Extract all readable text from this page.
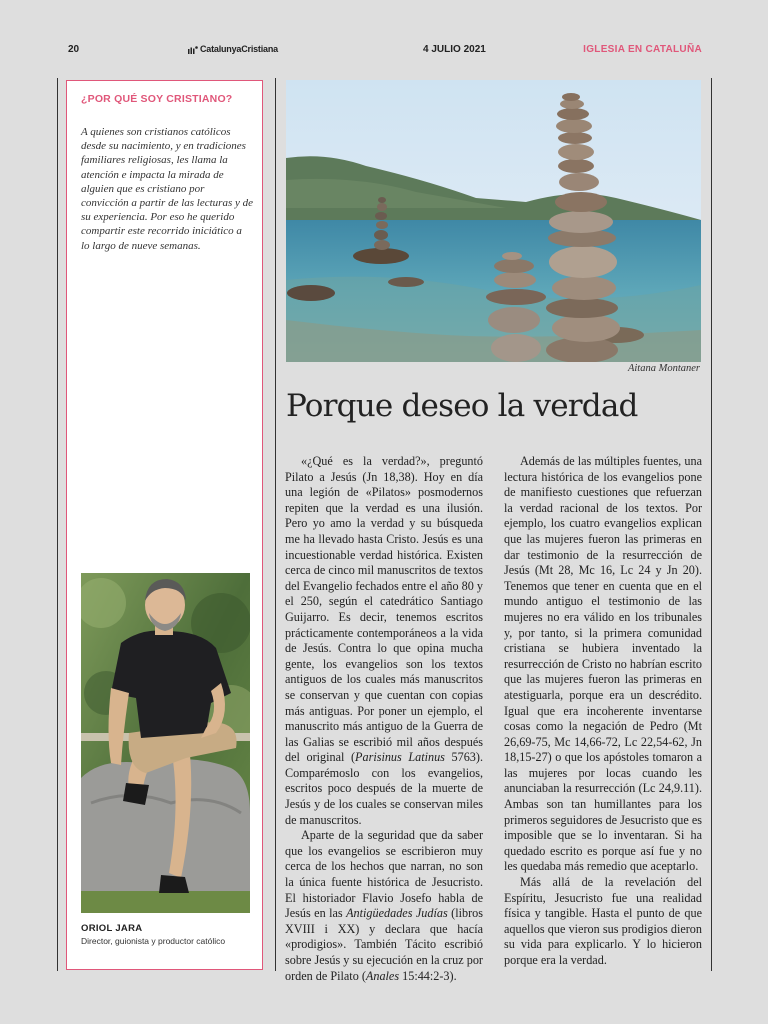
20	CatalunyaCristiana	4 JULIO 2021	IGLESIA EN CATALUÑA
¿POR QUÉ SOY CRISTIANO?

A quienes son cristianos católicos desde su nacimiento, y en tradiciones familiares religiosas, les llama la atención e impacta la mirada de alguien que es cristiano por convicción a partir de las lecturas y de su experiencia. Por eso he querido compartir este recorrido iniciático a lo largo de nueve semanas.

ORIOL JARA
Director, guionista y productor católico
Aitana Montaner
Porque deseo la verdad

«¿Qué es la verdad?», preguntó Pilato a Jesús (Jn 18,38). Hoy en día una legión de «Pilatos» posmodernos repiten que la verdad es una ilusión. Pero yo amo la verdad y su búsqueda me ha llevado hasta Cristo. Jesús es una incuestionable verdad histórica. Existen cerca de cinco mil manuscritos de textos del Evangelio fechados entre el año 80 y el 250, según el catedrático Santiago Guijarro. Es decir, tenemos escritos prácticamente contemporáneos a la vida de Jesús. Contra lo que opina mucha gente, los evangelios son los textos antiguos de los cuales más manuscritos se conservan y que cuentan con copias más antiguas. Por poner un ejemplo, el manuscrito más antiguo de la Guerra de las Galias se escribió mil años después del original (Parisinus Latinus 5763). Comparémoslo con los evangelios, escritos poco después de la muerte de Jesús y de los cuales se conservan miles de manuscritos.

Aparte de la seguridad que da saber que los evangelios se escribieron muy cerca de los hechos que narran, no son la única fuente histórica de Jesucristo. El historiador Flavio Josefo habla de Jesús en las Antigüedades Judías (libros XVIII i XX) y declara que hacía «prodigios». También Tácito escribió sobre Jesús y su ejecución en la cruz por orden de Pilato (Anales 15:44:2-3).

Además de las múltiples fuentes, una lectura histórica de los evangelios pone de manifiesto cuestiones que refuerzan la verdad racional de los textos. Por ejemplo, los cuatro evangelios explican que las mujeres fueron las primeras en dar testimonio de la resurrección de Jesús (Mt 28, Mc 16, Lc 24 y Jn 20). Tenemos que tener en cuenta que en el mundo antiguo el testimonio de las mujeres no era válido en los tribunales y, por tanto, si la primera comunidad cristiana se hubiera inventado la resurrección de Cristo no habrían escrito que las mujeres fueron las primeras en atestiguarla, porque era un descrédito. Igual que era incoherente inventarse cosas como la negación de Pedro (Mt 26,69-75, Mc 14,66-72, Lc 22,54-62, Jn 18,15-27) o que los apóstoles tomaron a las mujeres por locas cuando les anunciaban la resurrección (Lc 24,9.11). Ambas son tan humillantes para los primeros seguidores de Jesucristo que es imposible que se lo inventaran. Si ha quedado escrito es porque así fue y no les quedaba más remedio que aceptarlo.

Más allá de la revelación del Espíritu, Jesucristo fue una realidad física y tangible. Hasta el punto de que aquellos que vieron sus prodigios dieron su vida para explicarlo. Y lo hicieron porque era la verdad.
